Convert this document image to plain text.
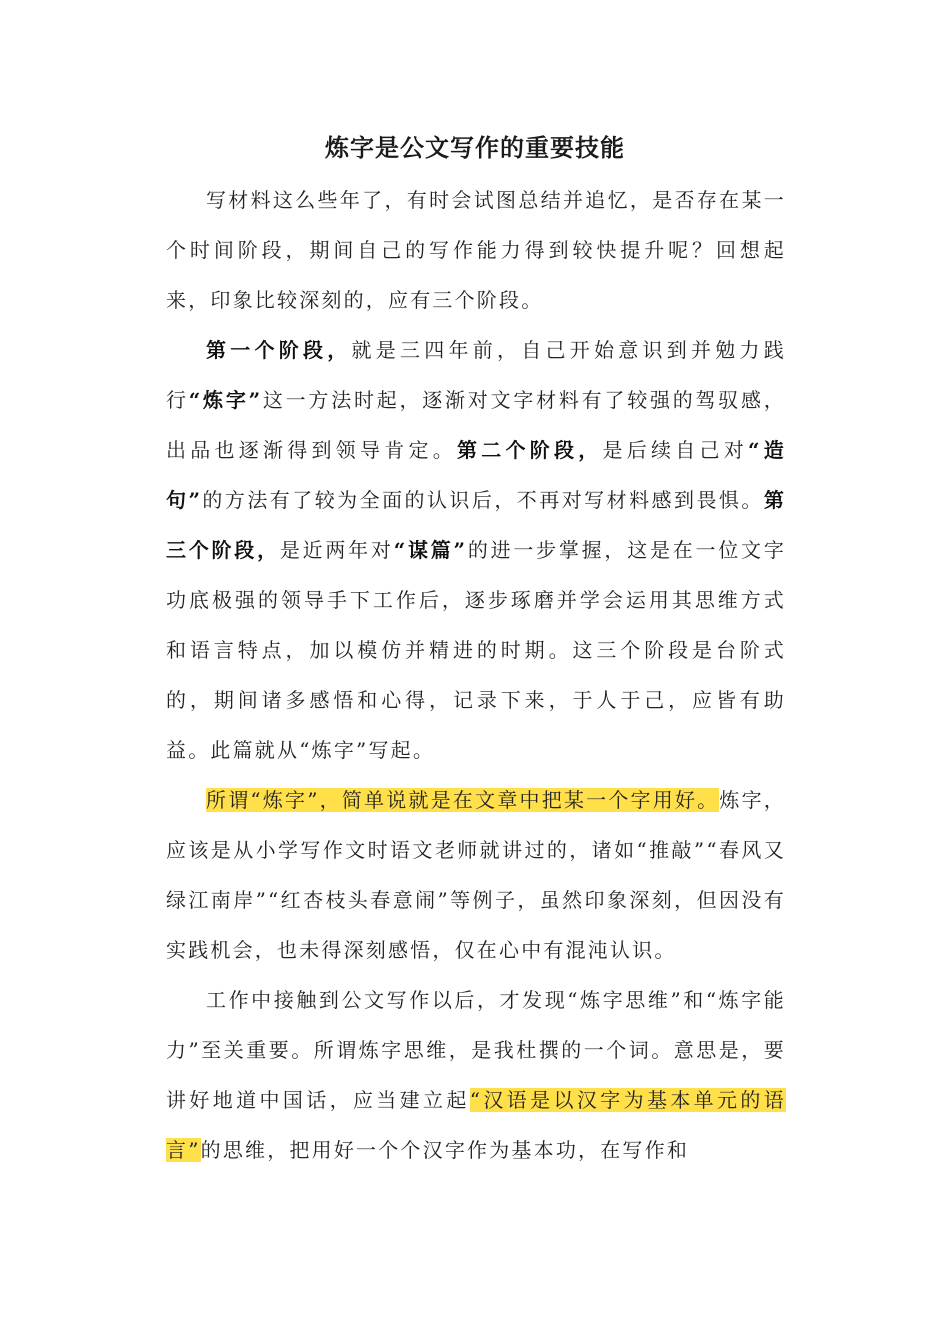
炼字是公文写作的重要技能

写材料这么些年了，有时会试图总结并追忆，是否存在某一个时间阶段，期间自己的写作能力得到较快提升呢？回想起来，印象比较深刻的，应有三个阶段。

第一个阶段，就是三四年前，自己开始意识到并勉力践行“炼字”这一方法时起，逐渐对文字材料有了较强的驾驭感，出品也逐渐得到领导肯定。第二个阶段，是后续自己对“造句”的方法有了较为全面的认识后，不再对写材料感到畏惧。第三个阶段，是近两年对“谋篇”的进一步掌握，这是在一位文字功底极强的领导手下工作后，逐步琢磨并学会运用其思维方式和语言特点，加以模仿并精进的时期。这三个阶段是台阶式的，期间诸多感悟和心得，记录下来，于人于己，应皆有助益。此篇就从“炼字”写起。

所谓“炼字”，简单说就是在文章中把某一个字用好。炼字，应该是从小学写作文时语文老师就讲过的，诸如“推敲”“春风又绿江南岸”“红杏枝头春意闹”等例子，虽然印象深刻，但因没有实践机会，也未得深刻感悟，仅在心中有混沌认识。

工作中接触到公文写作以后，才发现“炼字思维”和“炼字能力”至关重要。所谓炼字思维，是我杜撰的一个词。意思是，要讲好地道中国话，应当建立起“汉语是以汉字为基本单元的语言”的思维，把用好一个个汉字作为基本功，在写作和
